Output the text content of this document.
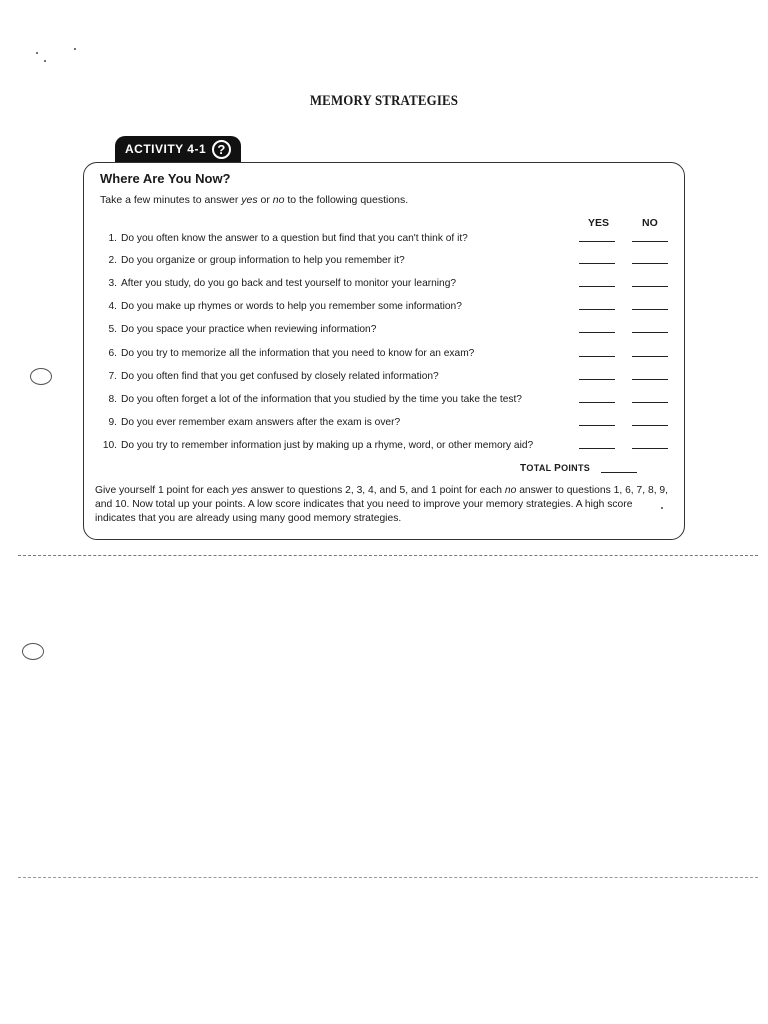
MEMORY STRATEGIES
ACTIVITY 4-1 ?
Where Are You Now?
Take a few minutes to answer yes or no to the following questions.
YES	NO
1. Do you often know the answer to a question but find that you can't think of it?
2. Do you organize or group information to help you remember it?
3. After you study, do you go back and test yourself to monitor your learning?
4. Do you make up rhymes or words to help you remember some information?
5. Do you space your practice when reviewing information?
6. Do you try to memorize all the information that you need to know for an exam?
7. Do you often find that you get confused by closely related information?
8. Do you often forget a lot of the information that you studied by the time you take the test?
9. Do you ever remember exam answers after the exam is over?
10. Do you try to remember information just by making up a rhyme, word, or other memory aid?
TOTAL POINTS
Give yourself 1 point for each yes answer to questions 2, 3, 4, and 5, and 1 point for each no answer to questions 1, 6, 7, 8, 9, and 10. Now total up your points. A low score indicates that you need to improve your memory strategies. A high score indicates that you are already using many good memory strategies.
